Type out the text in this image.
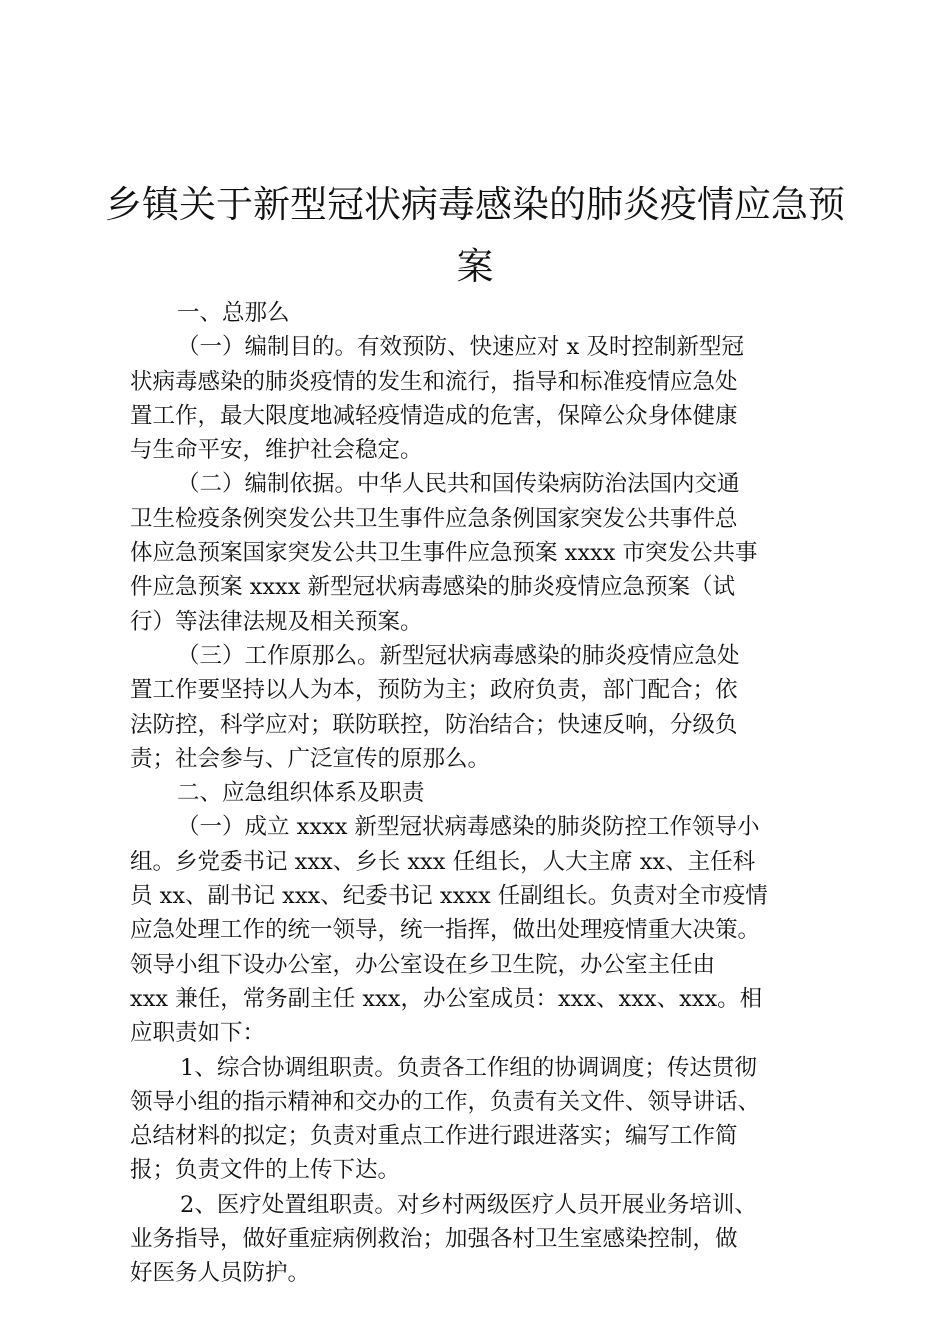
乡镇关于新型冠状病毒感染的肺炎疫情应急预
案
一、总那么
（一）编制目的。有效预防、快速应对 x 及时控制新型冠
状病毒感染的肺炎疫情的发生和流行，指导和标准疫情应急处
置工作，最大限度地减轻疫情造成的危害，保障公众身体健康
与生命平安，维护社会稳定。
（二）编制依据。中华人民共和国传染病防治法国内交通
卫生检疫条例突发公共卫生事件应急条例国家突发公共事件总
体应急预案国家突发公共卫生事件应急预案 xxxx 市突发公共事
件应急预案 xxxx 新型冠状病毒感染的肺炎疫情应急预案（试
行）等法律法规及相关预案。
（三）工作原那么。新型冠状病毒感染的肺炎疫情应急处
置工作要坚持以人为本，预防为主；政府负责，部门配合；依
法防控，科学应对；联防联控，防治结合；快速反响，分级负
责；社会参与、广泛宣传的原那么。
二、应急组织体系及职责
（一）成立 xxxx 新型冠状病毒感染的肺炎防控工作领导小
组。乡党委书记 xxx、乡长 xxx 任组长，人大主席 xx、主任科
员 xx、副书记 xxx、纪委书记 xxxx 任副组长。负责对全市疫情
应急处理工作的统一领导，统一指挥，做出处理疫情重大决策。
领导小组下设办公室，办公室设在乡卫生院，办公室主任由
xxx 兼任，常务副主任 xxx，办公室成员：xxx、xxx、xxx。相
应职责如下：
1、综合协调组职责。负责各工作组的协调调度；传达贯彻
领导小组的指示精神和交办的工作，负责有关文件、领导讲话、
总结材料的拟定；负责对重点工作进行跟进落实；编写工作简
报；负责文件的上传下达。
2、医疗处置组职责。对乡村两级医疗人员开展业务培训、
业务指导，做好重症病例救治；加强各村卫生室感染控制，做
好医务人员防护。
